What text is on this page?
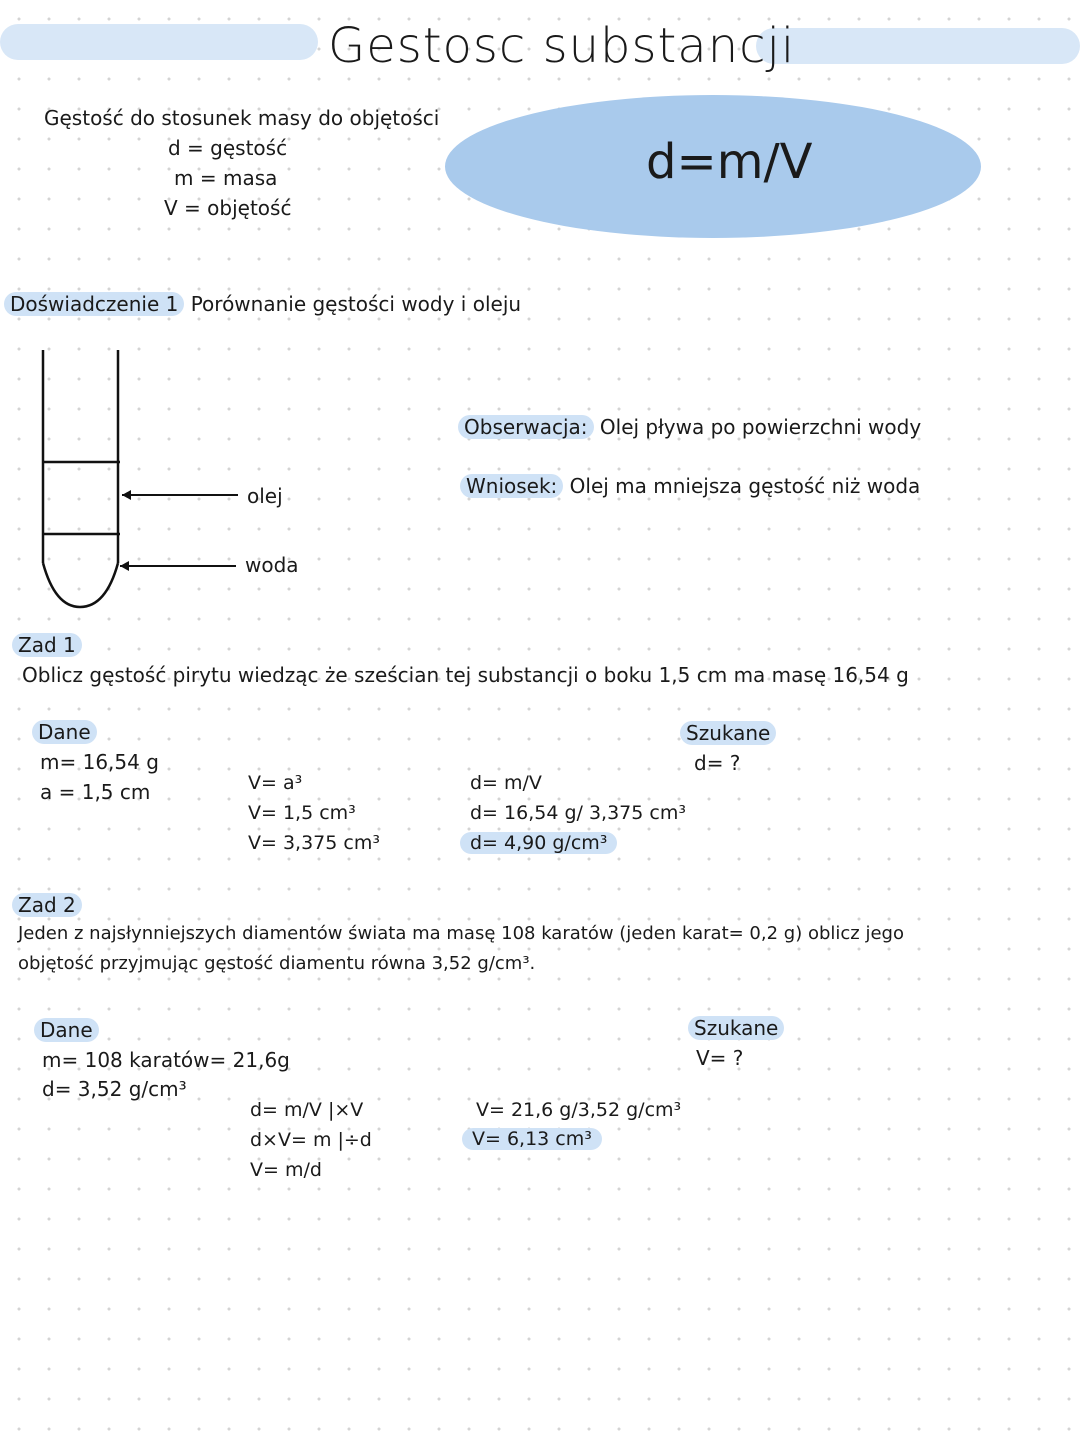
Gestosc substancji
Gęstość do stosunek masy do objętości
d = gęstość
m = masa
V = objętość
d=m/V
Doświadczenie 1 Porównanie gęstości wody i oleju
olej
woda
Obserwacja: Olej pływa po powierzchni wody
Wniosek: Olej ma mniejsza gęstość niż woda
Zad 1
Oblicz gęstość pirytu wiedząc że sześcian tej substancji o boku 1,5 cm ma masę 16,54 g
Dane
m= 16,54 g
a = 1,5 cm
Szukane
d= ?
V= a³
V= 1,5 cm³
V= 3,375 cm³
d= m/V
d= 16,54 g/ 3,375 cm³
d= 4,90 g/cm³
Zad 2
Jeden z najsłynniejszych diamentów świata ma masę 108 karatów (jeden karat= 0,2 g) oblicz jego
objętość przyjmując gęstość diamentu równa 3,52 g/cm³.
Dane
m= 108 karatów= 21,6g
d= 3,52 g/cm³
Szukane
V= ?
d= m/V |×V
d×V= m |÷d
V= m/d
V= 21,6 g/3,52 g/cm³
V= 6,13 cm³
